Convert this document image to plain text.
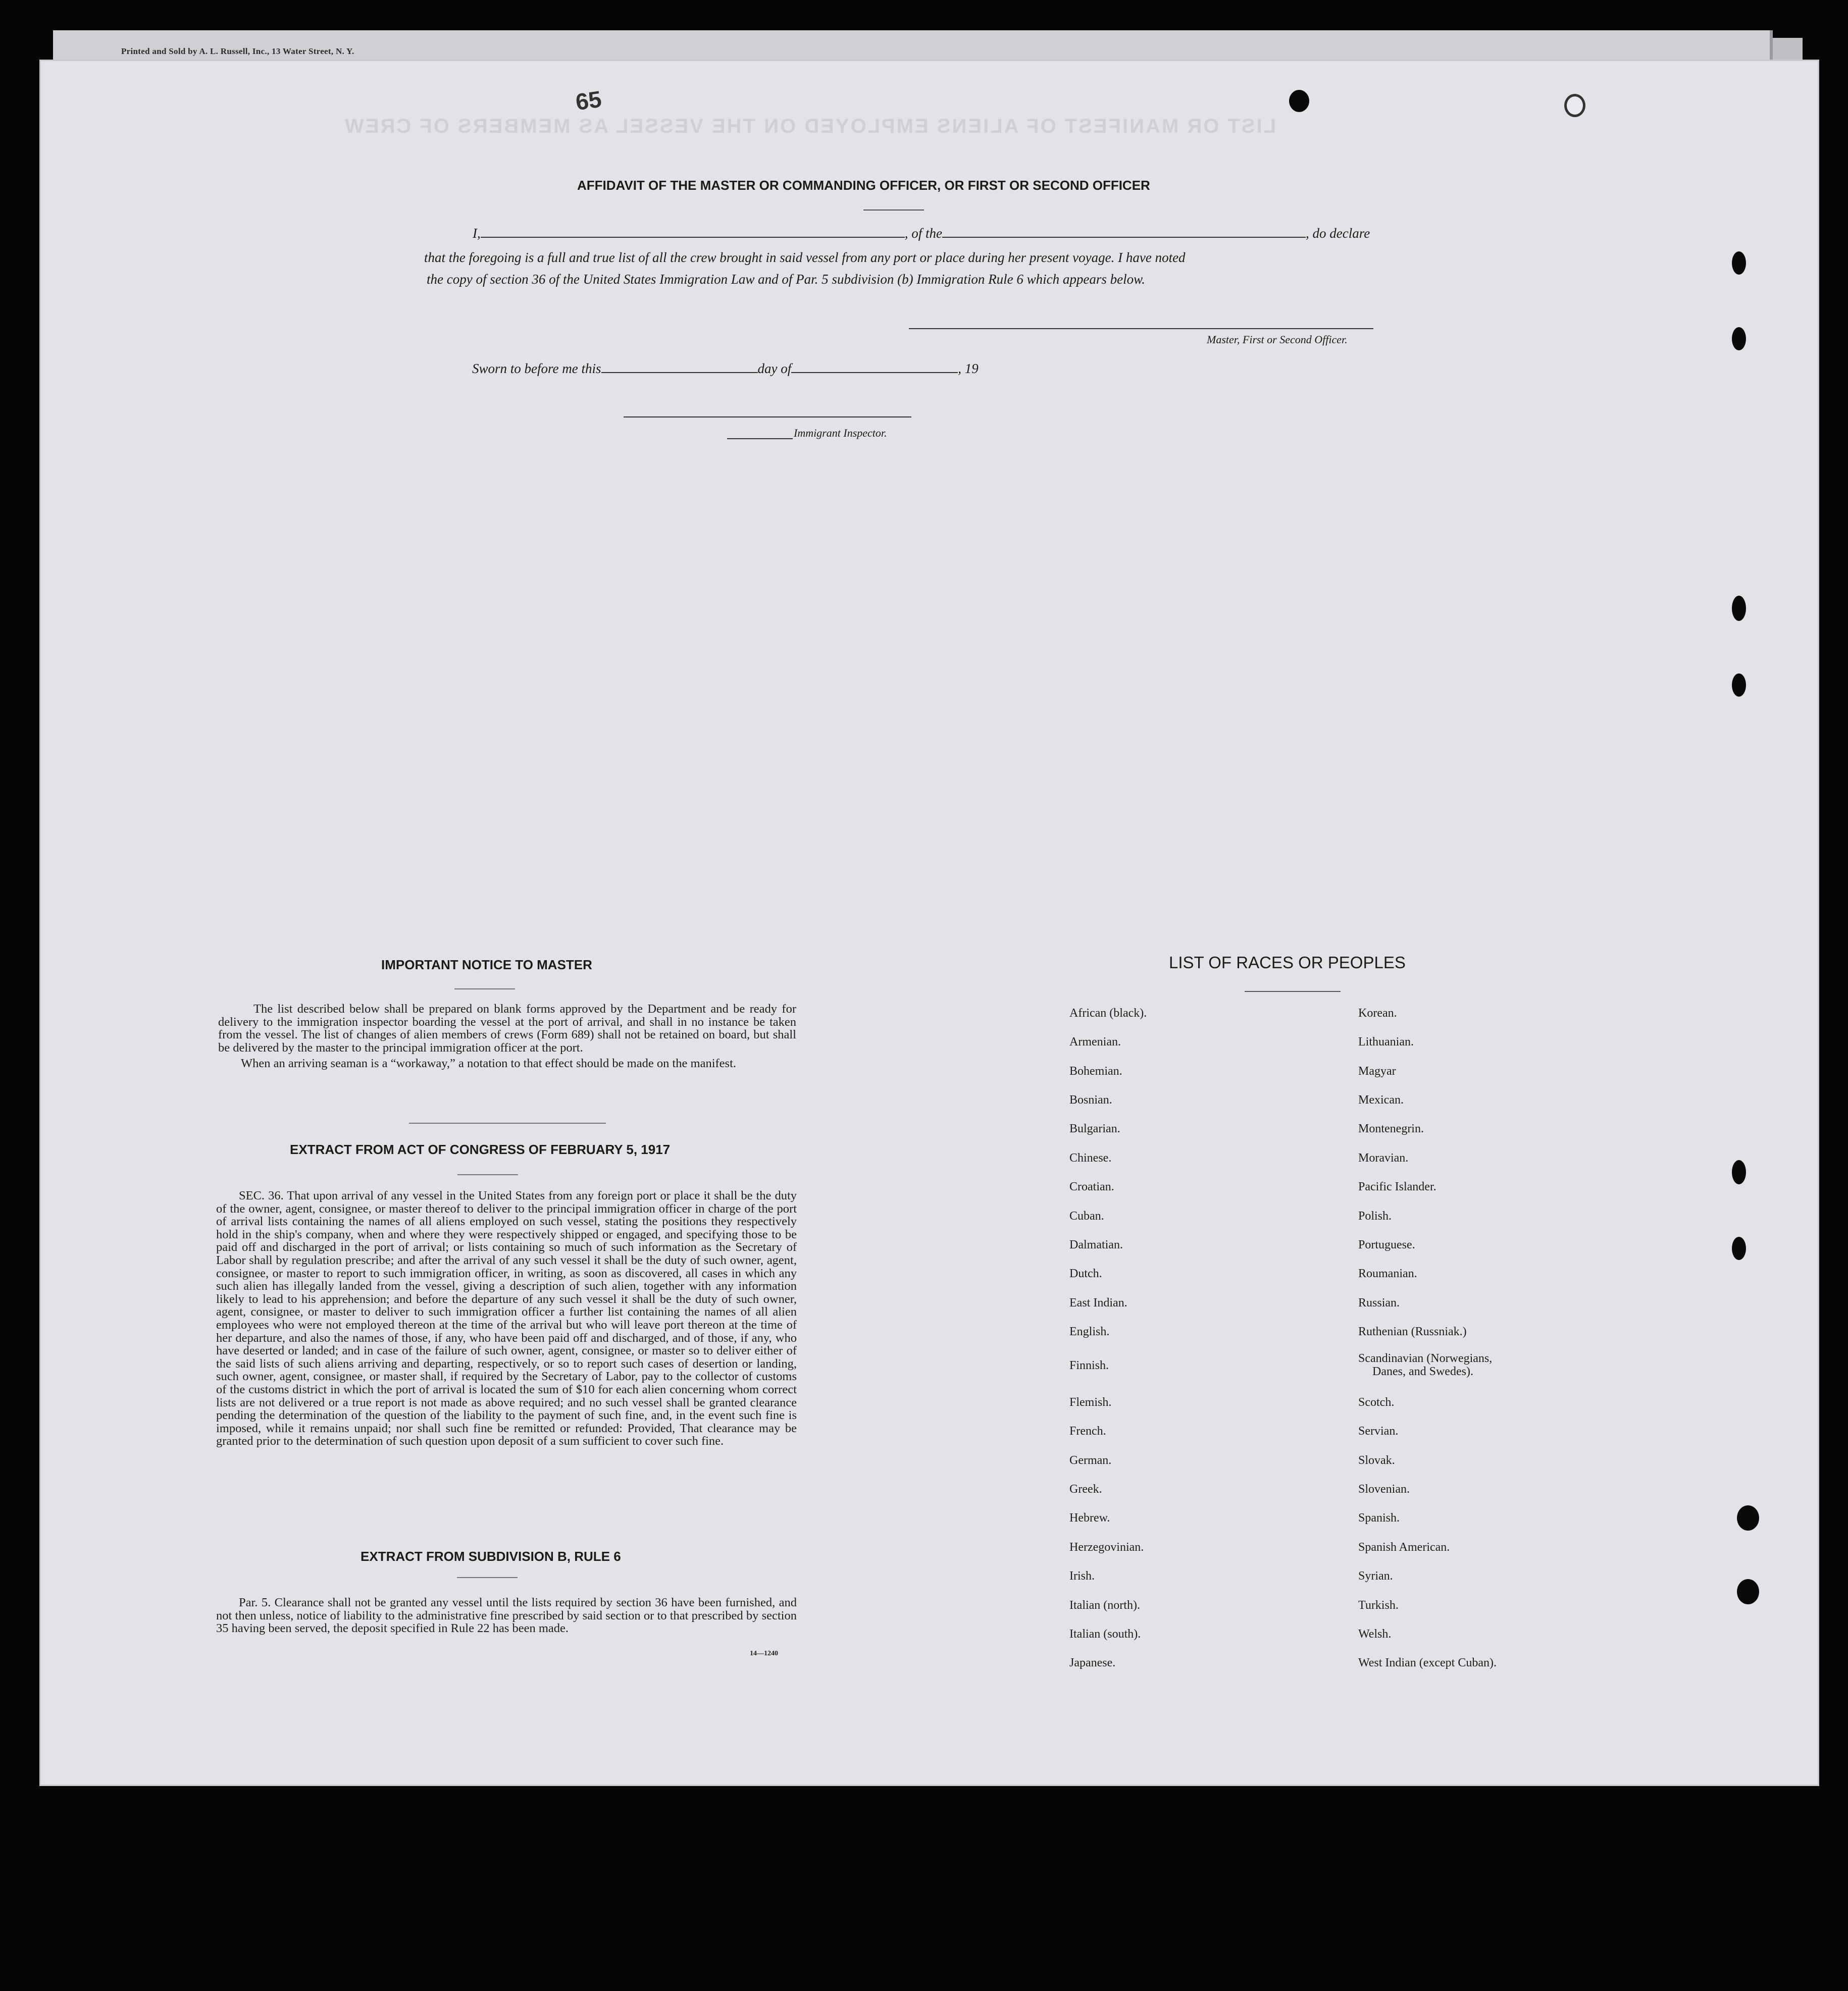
Printed and Sold by A. L. Russell, Inc., 13 Water Street, N. Y.
LIST OR MANIFEST OF ALIENS EMPLOYED ON THE VESSEL AS MEMBERS OF CREW
65
AFFIDAVIT OF THE MASTER OR COMMANDING OFFICER, OR FIRST OR SECOND OFFICER
I,	, of the	, do declare
that the foregoing is a full and true list of all the crew brought in said vessel from any port or place during her present voyage. I have noted
the copy of section 36 of the United States Immigration Law and of Par. 5 subdivision (b) Immigration Rule 6 which appears below.
Master, First or Second Officer.
Sworn to before me this	day of	, 19
Immigrant Inspector.
IMPORTANT NOTICE TO MASTER

The list described below shall be prepared on blank forms approved by the Department and be ready for delivery to the immigration inspector boarding the vessel at the port of arrival, and shall in no instance be taken from the vessel. The list of changes of alien members of crews (Form 689) shall not be retained on board, but shall be delivered by the master to the principal immigration officer at the port.

When an arriving seaman is a “workaway,” a notation to that effect should be made on the manifest.

EXTRACT FROM ACT OF CONGRESS OF FEBRUARY 5, 1917
SEC. 36. That upon arrival of any vessel in the United States from any foreign port or place it shall be the duty of the owner, agent, consignee, or master thereof to deliver to the principal immigration officer in charge of the port of arrival lists containing the names of all aliens employed on such vessel, stating the positions they respectively hold in the ship's company, when and where they were respectively shipped or engaged, and specifying those to be paid off and discharged in the port of arrival; or lists containing so much of such information as the Secretary of Labor shall by regulation prescribe; and after the arrival of any such vessel it shall be the duty of such owner, agent, consignee, or master to report to such immigration officer, in writing, as soon as discovered, all cases in which any such alien has illegally landed from the vessel, giving a description of such alien, together with any information likely to lead to his apprehension; and before the departure of any such vessel it shall be the duty of such owner, agent, consignee, or master to deliver to such immigration officer a further list containing the names of all alien employees who were not employed thereon at the time of the arrival but who will leave port thereon at the time of her departure, and also the names of those, if any, who have been paid off and discharged, and of those, if any, who have deserted or landed; and in case of the failure of such owner, agent, consignee, or master so to deliver either of the said lists of such aliens arriving and departing, respectively, or so to report such cases of desertion or landing, such owner, agent, consignee, or master shall, if required by the Secretary of Labor, pay to the collector of customs of the customs district in which the port of arrival is located the sum of $10 for each alien concerning whom correct lists are not delivered or a true report is not made as above required; and no such vessel shall be granted clearance pending the determination of the question of the liability to the payment of such fine, and, in the event such fine is imposed, while it remains unpaid; nor shall such fine be remitted or refunded: Provided, That clearance may be granted prior to the determination of such question upon deposit of a sum sufficient to cover such fine.
EXTRACT FROM SUBDIVISION B, RULE 6
Par. 5. Clearance shall not be granted any vessel until the lists required by section 36 have been furnished, and not then unless, notice of liability to the administrative fine prescribed by said section or to that prescribed by section 35 having been served, the deposit specified in Rule 22 has been made.
14—1240
LIST OF RACES OR PEOPLES
African (black).
Armenian.
Bohemian.
Bosnian.
Bulgarian.
Chinese.
Croatian.
Cuban.
Dalmatian.
Dutch.
East Indian.
English.
Finnish.
Flemish.
French.
German.
Greek.
Hebrew.
Herzegovinian.
Irish.
Italian (north).
Italian (south).
Japanese.
Korean.
Lithuanian.
Magyar
Mexican.
Montenegrin.
Moravian.
Pacific Islander.
Polish.
Portuguese.
Roumanian.
Russian.
Ruthenian (Russniak.)
Scandinavian (Norwegians,
Danes, and Swedes).
Scotch.
Servian.
Slovak.
Slovenian.
Spanish.
Spanish American.
Syrian.
Turkish.
Welsh.
West Indian (except Cuban).
